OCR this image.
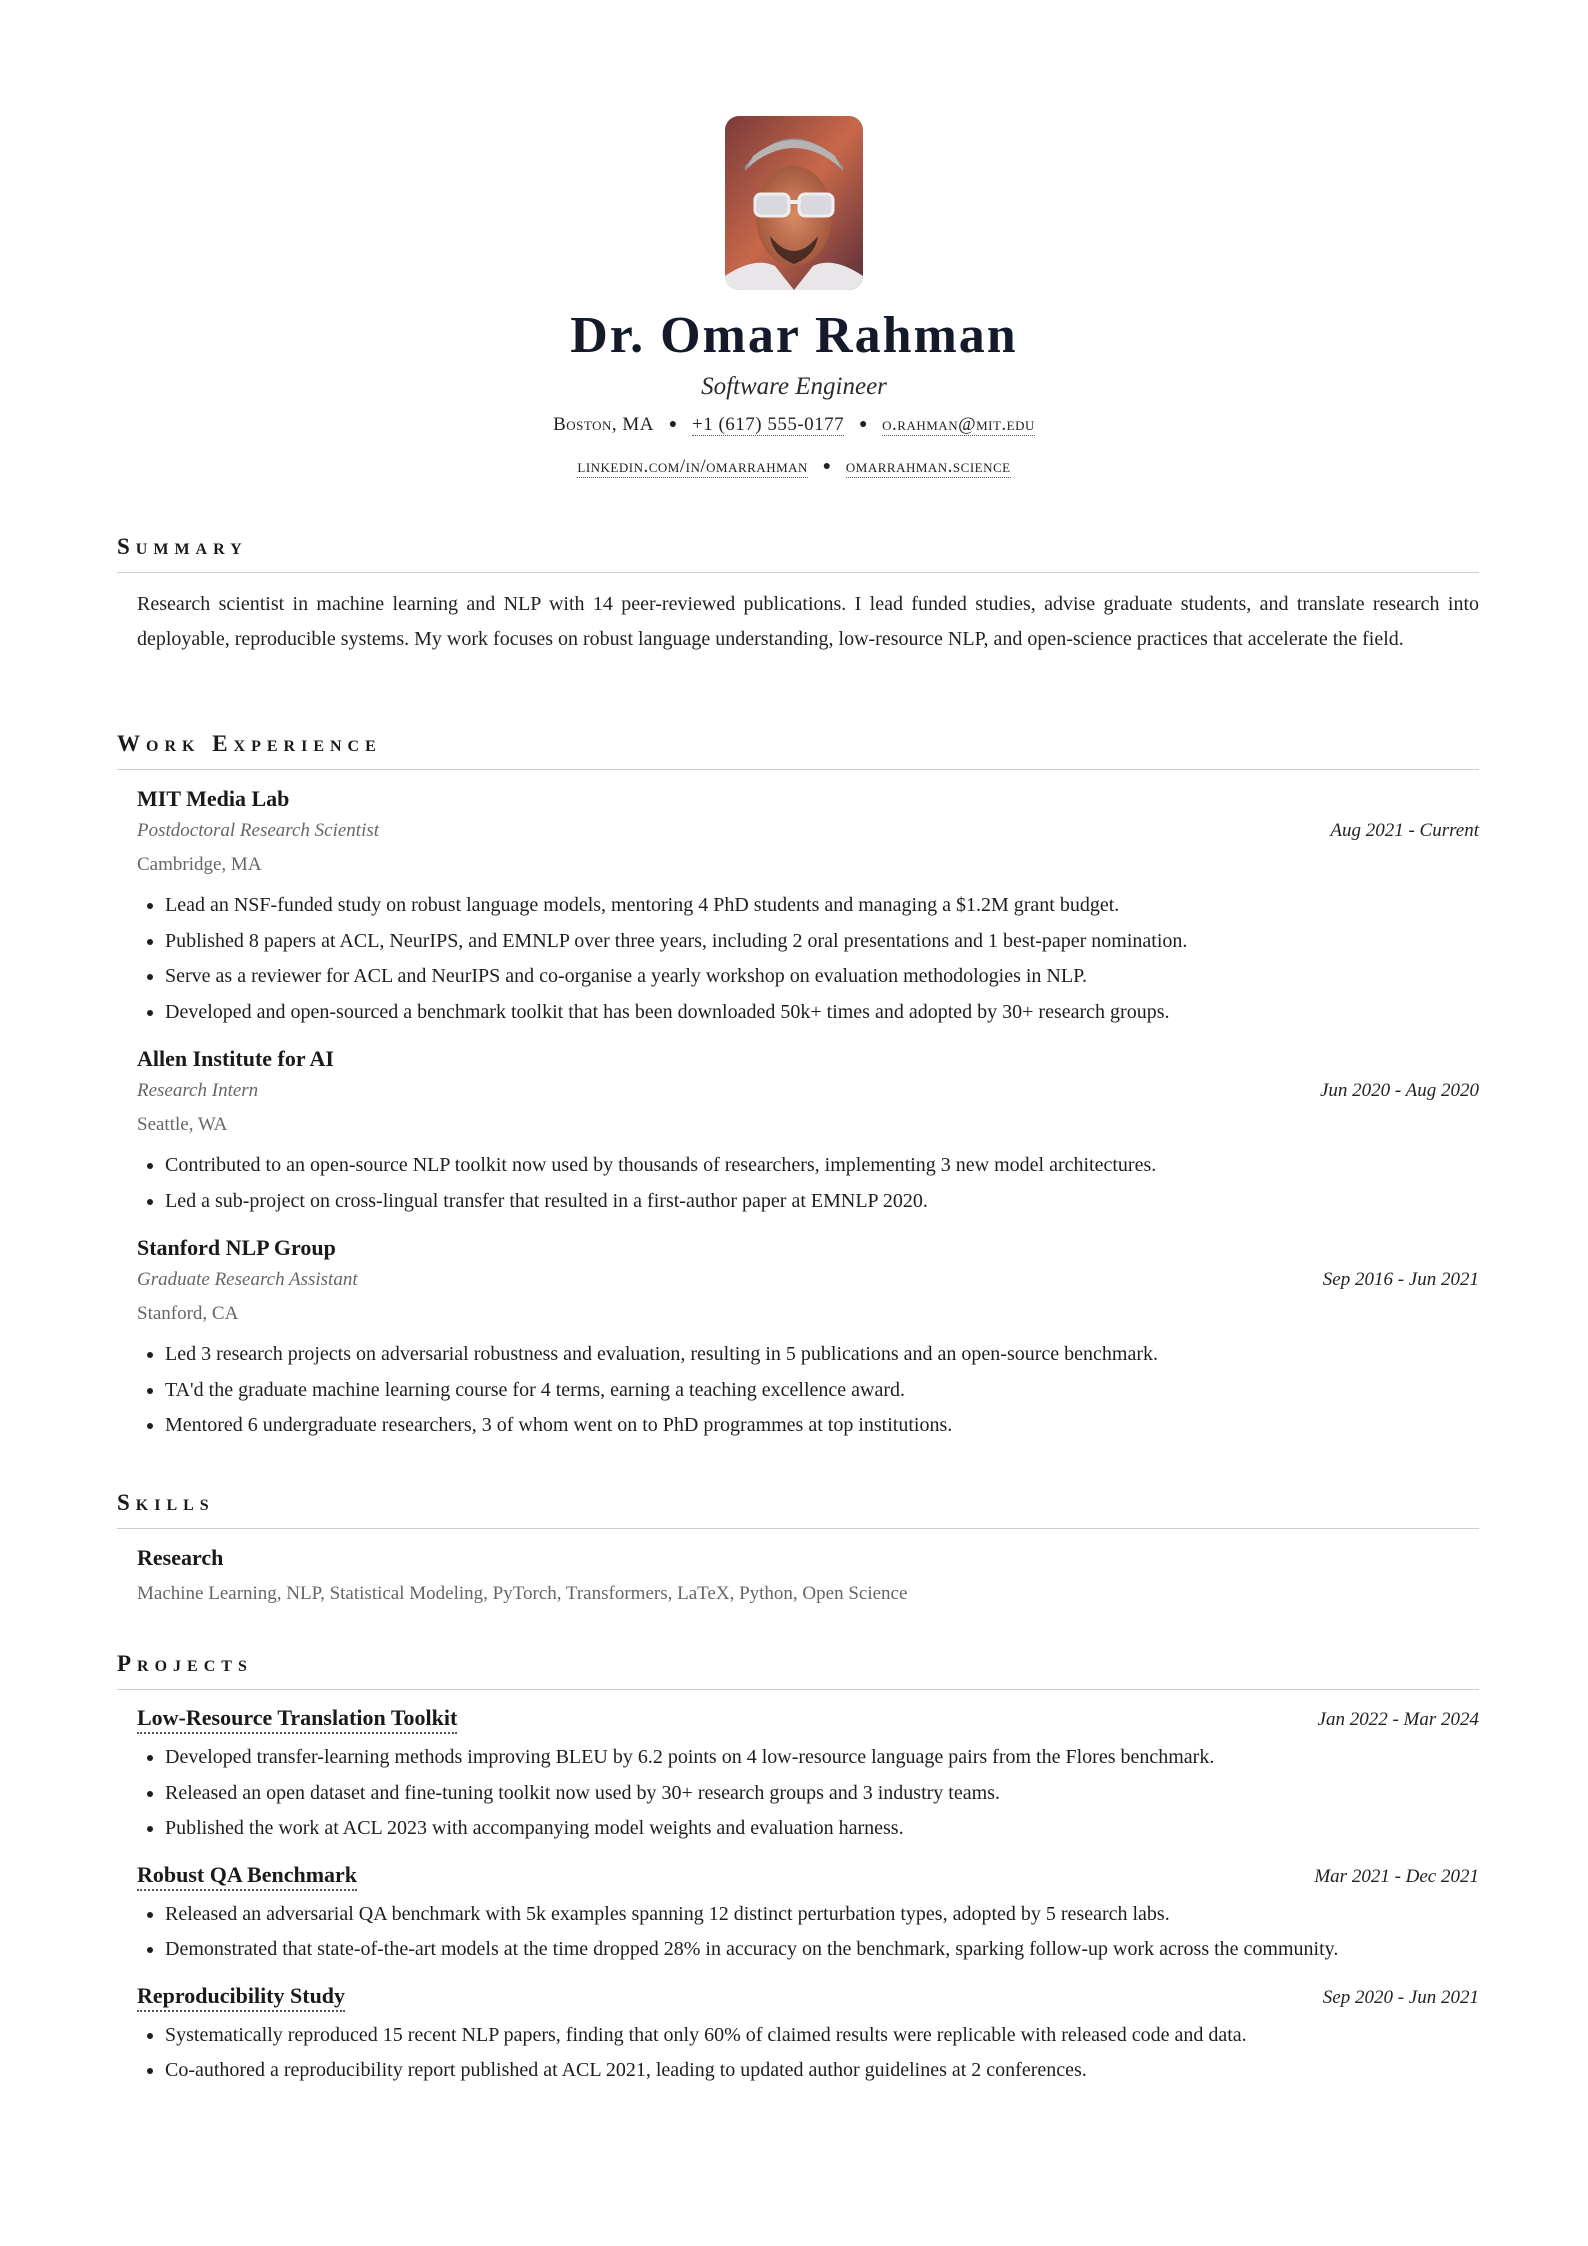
Dr. Omar Rahman
Software Engineer
Boston, MA ● +1 (617) 555-0177 ● o.rahman@mit.edu
linkedin.com/in/omarrahman ● omarrahman.science
Summary
Research scientist in machine learning and NLP with 14 peer-reviewed publications. I lead funded studies, advise graduate students, and translate research into deployable, reproducible systems. My work focuses on robust language understanding, low-resource NLP, and open-science practices that accelerate the field.
Work Experience
MIT Media Lab
Postdoctoral Research Scientist	Aug 2021 - Current
Cambridge, MA
• Lead an NSF-funded study on robust language models, mentoring 4 PhD students and managing a $1.2M grant budget.
• Published 8 papers at ACL, NeurIPS, and EMNLP over three years, including 2 oral presentations and 1 best-paper nomination.
• Serve as a reviewer for ACL and NeurIPS and co-organise a yearly workshop on evaluation methodologies in NLP.
• Developed and open-sourced a benchmark toolkit that has been downloaded 50k+ times and adopted by 30+ research groups.
Allen Institute for AI
Research Intern	Jun 2020 - Aug 2020
Seattle, WA
• Contributed to an open-source NLP toolkit now used by thousands of researchers, implementing 3 new model architectures.
• Led a sub-project on cross-lingual transfer that resulted in a first-author paper at EMNLP 2020.
Stanford NLP Group
Graduate Research Assistant	Sep 2016 - Jun 2021
Stanford, CA
• Led 3 research projects on adversarial robustness and evaluation, resulting in 5 publications and an open-source benchmark.
• TA'd the graduate machine learning course for 4 terms, earning a teaching excellence award.
• Mentored 6 undergraduate researchers, 3 of whom went on to PhD programmes at top institutions.
Skills
Research
Machine Learning, NLP, Statistical Modeling, PyTorch, Transformers, LaTeX, Python, Open Science
Projects
Low-Resource Translation Toolkit	Jan 2022 - Mar 2024
• Developed transfer-learning methods improving BLEU by 6.2 points on 4 low-resource language pairs from the Flores benchmark.
• Released an open dataset and fine-tuning toolkit now used by 30+ research groups and 3 industry teams.
• Published the work at ACL 2023 with accompanying model weights and evaluation harness.
Robust QA Benchmark	Mar 2021 - Dec 2021
• Released an adversarial QA benchmark with 5k examples spanning 12 distinct perturbation types, adopted by 5 research labs.
• Demonstrated that state-of-the-art models at the time dropped 28% in accuracy on the benchmark, sparking follow-up work across the community.
Reproducibility Study	Sep 2020 - Jun 2021
• Systematically reproduced 15 recent NLP papers, finding that only 60% of claimed results were replicable with released code and data.
• Co-authored a reproducibility report published at ACL 2021, leading to updated author guidelines at 2 conferences.
